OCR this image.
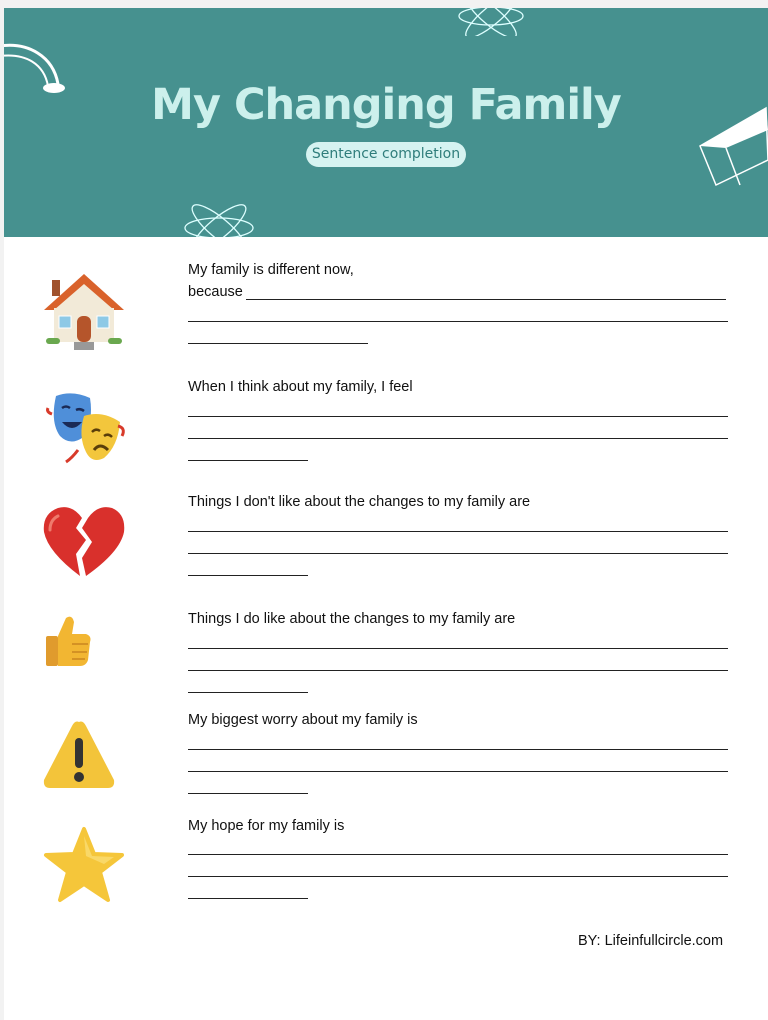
My Changing Family
Sentence completion
My family is different now,
because
When I think about my family, I feel
Things I don't like about the changes to my family are
Things I do like about the changes to my family are
My biggest worry about my family is
My hope for my family is
BY: Lifeinfullcircle.com
